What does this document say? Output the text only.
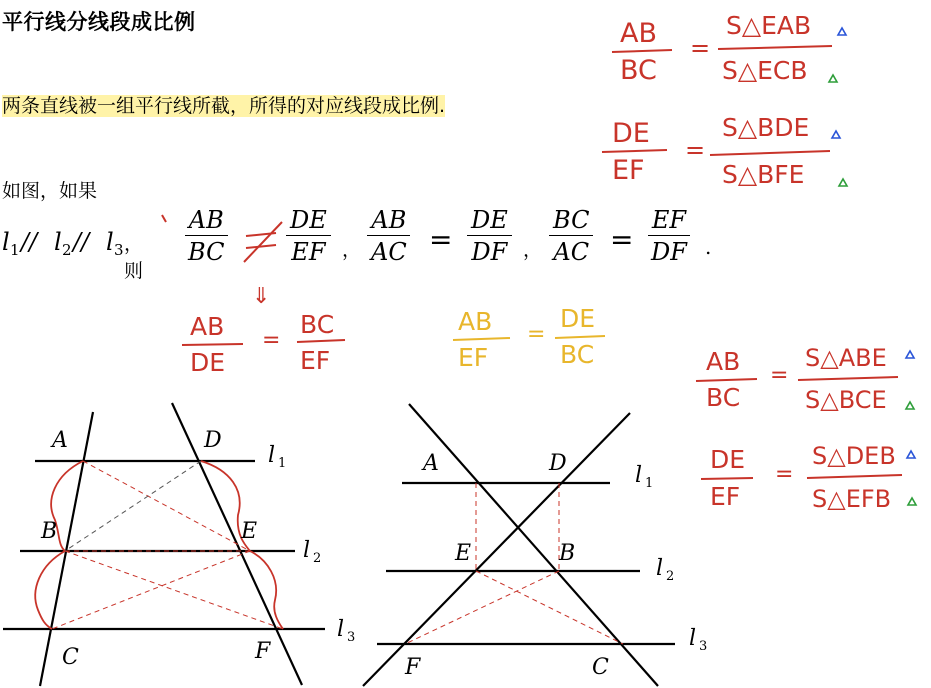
平行线分线段成比例
两条直线被一组平行线所截，所得的对应线段成比例.
如图，如果
l 1 // l 2 // l 3 ，则
$\frac{AB}{BC} \frac{DE}{EF}$ ， $\frac{AB}{AC} = \frac{DE}{DF}$ ， $\frac{BC}{AC} = \frac{EF}{DF}$ .
A	D
B	E
C	F
l 1
l 2
l 3
A	D
E	B
F	C
l 1
l 2
l 3
AB
BC
=
S△EAB
S△ECB
DE
EF
=
S△BDE
S△BFE
⇓
AB
DE
=
BC
EF
AB
EF
=
DE
BC	AB
BC
=
S△ABE
S△BCE
DE
EF
=
S△DEB
S△EFB
